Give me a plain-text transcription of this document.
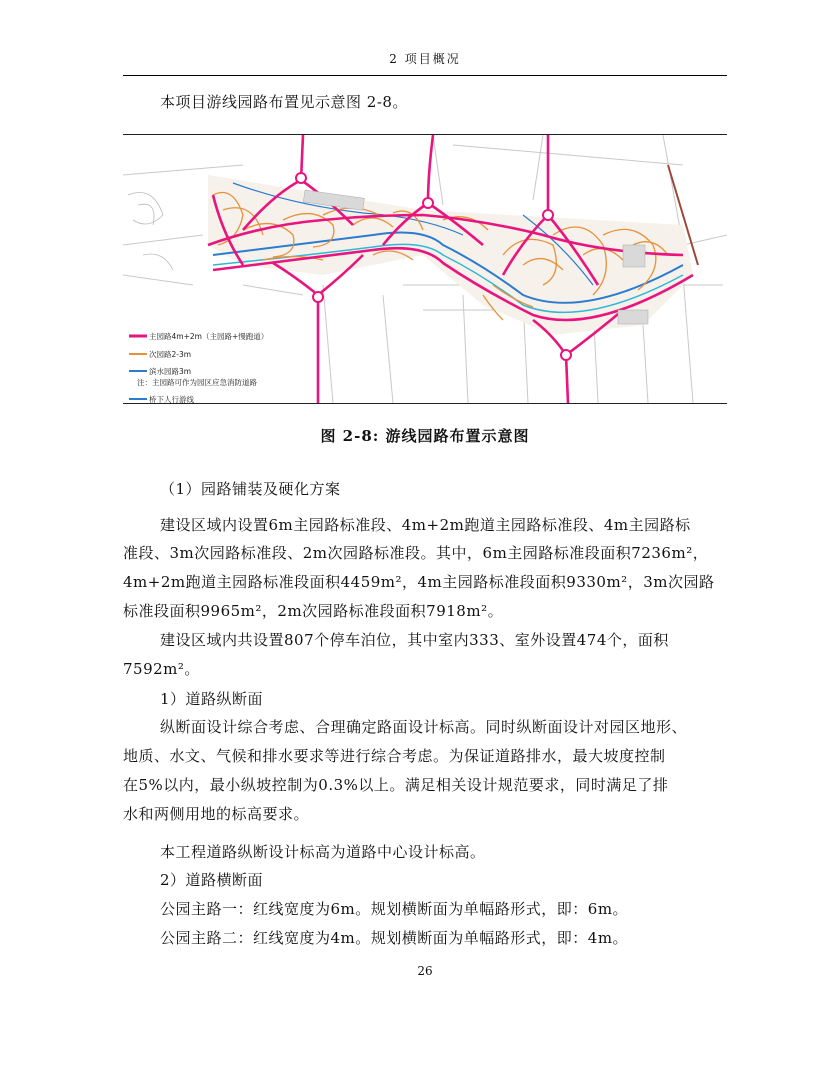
2 项目概况
本项目游线园路布置见示意图 2-8。
主园路4m+2m（主园路+慢跑道）
次园路2-3m
滨水园路3m
注：主园路可作为园区应急消防道路
桥下人行游线
图 2-8: 游线园路布置示意图
（1）园路铺装及硬化方案
建设区域内设置6m主园路标准段、4m+2m跑道主园路标准段、4m主园路标
准段、3m次园路标准段、2m次园路标准段。其中，6m主园路标准段面积7236m²，
4m+2m跑道主园路标准段面积4459m²，4m主园路标准段面积9330m²，3m次园路
标准段面积9965m²，2m次园路标准段面积7918m²。
建设区域内共设置807个停车泊位，其中室内333、室外设置474个，面积
7592m²。
1）道路纵断面
纵断面设计综合考虑、合理确定路面设计标高。同时纵断面设计对园区地形、
地质、水文、气候和排水要求等进行综合考虑。为保证道路排水，最大坡度控制
在5%以内，最小纵坡控制为0.3%以上。满足相关设计规范要求，同时满足了排
水和两侧用地的标高要求。
本工程道路纵断设计标高为道路中心设计标高。
2）道路横断面
公园主路一：红线宽度为6m。规划横断面为单幅路形式，即：6m。
公园主路二：红线宽度为4m。规划横断面为单幅路形式，即：4m。
26
